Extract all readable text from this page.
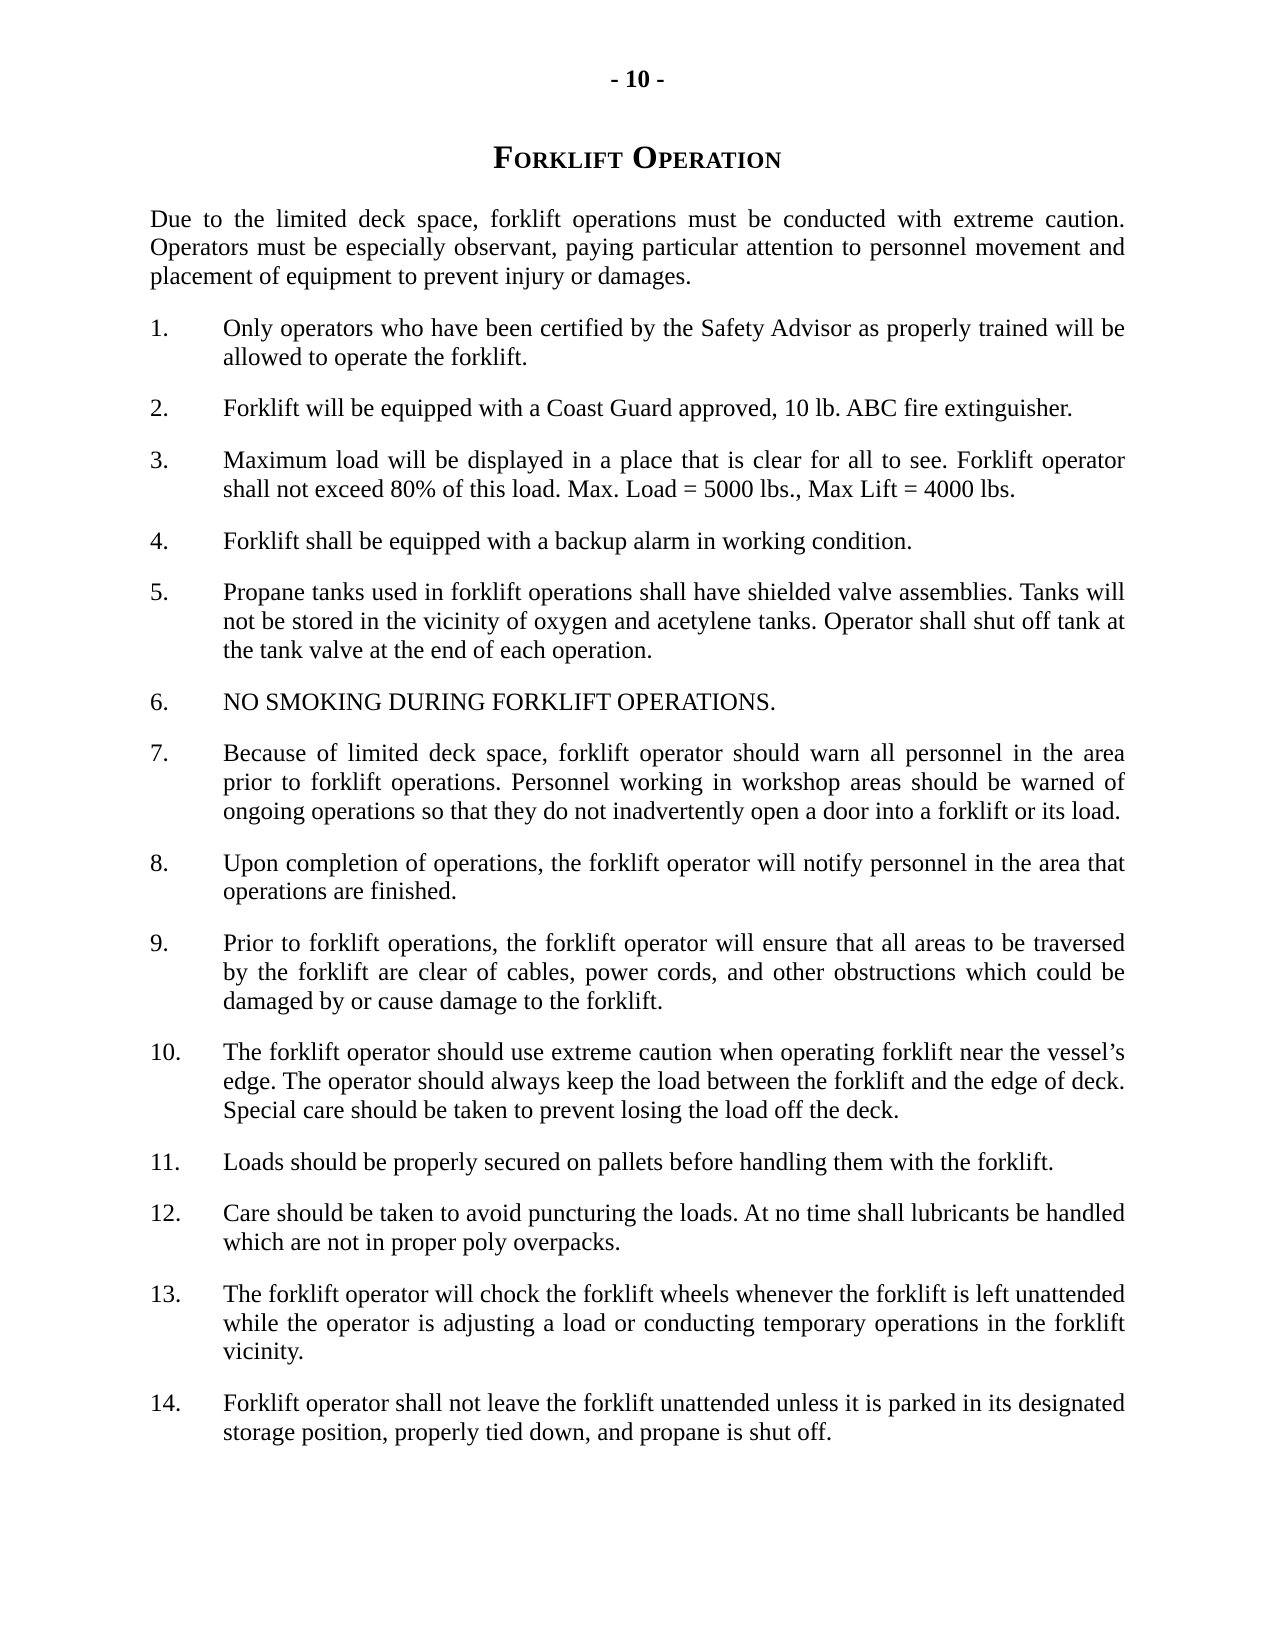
- 10 -
Forklift Operation

Due to the limited deck space, forklift operations must be conducted with extreme caution. Operators must be especially observant, paying particular attention to personnel movement and placement of equipment to prevent injury or damages.

1.	Only operators who have been certified by the Safety Advisor as properly trained will be allowed to operate the forklift.
2.	Forklift will be equipped with a Coast Guard approved, 10 lb. ABC fire extinguisher.
3.	Maximum load will be displayed in a place that is clear for all to see. Forklift operator shall not exceed 80% of this load. Max. Load = 5000 lbs., Max Lift = 4000 lbs.
4.	Forklift shall be equipped with a backup alarm in working condition.
5.	Propane tanks used in forklift operations shall have shielded valve assemblies. Tanks will not be stored in the vicinity of oxygen and acetylene tanks. Operator shall shut off tank at the tank valve at the end of each operation.
6.	NO SMOKING DURING FORKLIFT OPERATIONS.
7.	Because of limited deck space, forklift operator should warn all personnel in the area prior to forklift operations. Personnel working in workshop areas should be warned of ongoing operations so that they do not inadvertently open a door into a forklift or its load.
8.	Upon completion of operations, the forklift operator will notify personnel in the area that operations are finished.
9.	Prior to forklift operations, the forklift operator will ensure that all areas to be traversed by the forklift are clear of cables, power cords, and other obstructions which could be damaged by or cause damage to the forklift.
10.	The forklift operator should use extreme caution when operating forklift near the vessel’s edge. The operator should always keep the load between the forklift and the edge of deck. Special care should be taken to prevent losing the load off the deck.
11.	Loads should be properly secured on pallets before handling them with the forklift.
12.	Care should be taken to avoid puncturing the loads. At no time shall lubricants be handled which are not in proper poly overpacks.
13.	The forklift operator will chock the forklift wheels whenever the forklift is left unattended while the operator is adjusting a load or conducting temporary operations in the forklift vicinity.
14.	Forklift operator shall not leave the forklift unattended unless it is parked in its designated storage position, properly tied down, and propane is shut off.
